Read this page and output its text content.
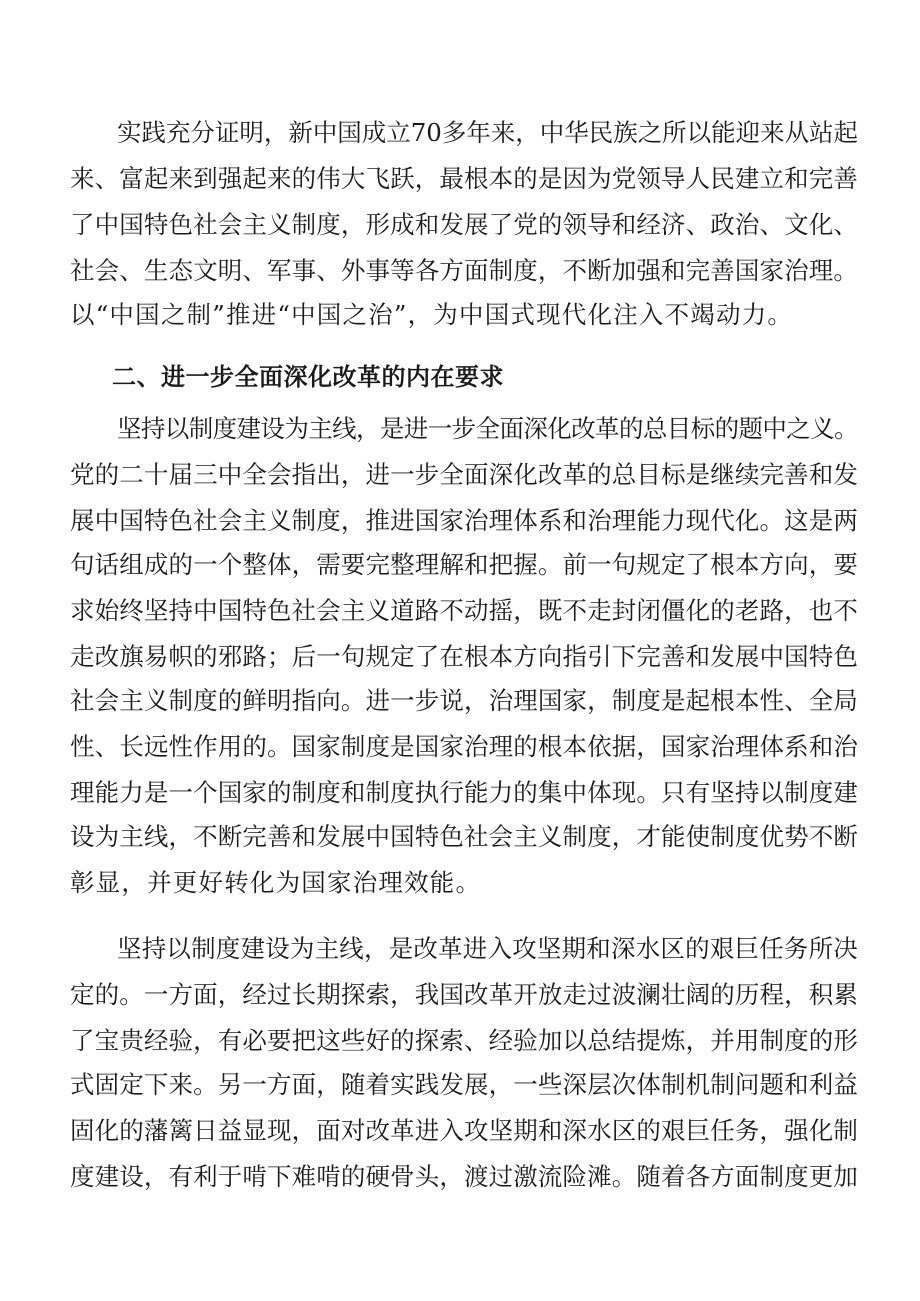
实践充分证明，新中国成立70多年来，中华民族之所以能迎来从站起
来、富起来到强起来的伟大飞跃，最根本的是因为党领导人民建立和完善
了中国特色社会主义制度，形成和发展了党的领导和经济、政治、文化、
社会、生态文明、军事、外事等各方面制度，不断加强和完善国家治理。
以“中国之制”推进“中国之治”，为中国式现代化注入不竭动力。
二、进一步全面深化改革的内在要求
坚持以制度建设为主线，是进一步全面深化改革的总目标的题中之义。
党的二十届三中全会指出，进一步全面深化改革的总目标是继续完善和发
展中国特色社会主义制度，推进国家治理体系和治理能力现代化。这是两
句话组成的一个整体，需要完整理解和把握。前一句规定了根本方向，要
求始终坚持中国特色社会主义道路不动摇，既不走封闭僵化的老路，也不
走改旗易帜的邪路；后一句规定了在根本方向指引下完善和发展中国特色
社会主义制度的鲜明指向。进一步说，治理国家，制度是起根本性、全局
性、长远性作用的。国家制度是国家治理的根本依据，国家治理体系和治
理能力是一个国家的制度和制度执行能力的集中体现。只有坚持以制度建
设为主线，不断完善和发展中国特色社会主义制度，才能使制度优势不断
彰显，并更好转化为国家治理效能。
坚持以制度建设为主线，是改革进入攻坚期和深水区的艰巨任务所决
定的。一方面，经过长期探索，我国改革开放走过波澜壮阔的历程，积累
了宝贵经验，有必要把这些好的探索、经验加以总结提炼，并用制度的形
式固定下来。另一方面，随着实践发展，一些深层次体制机制问题和利益
固化的藩篱日益显现，面对改革进入攻坚期和深水区的艰巨任务，强化制
度建设，有利于啃下难啃的硬骨头，渡过激流险滩。随着各方面制度更加
